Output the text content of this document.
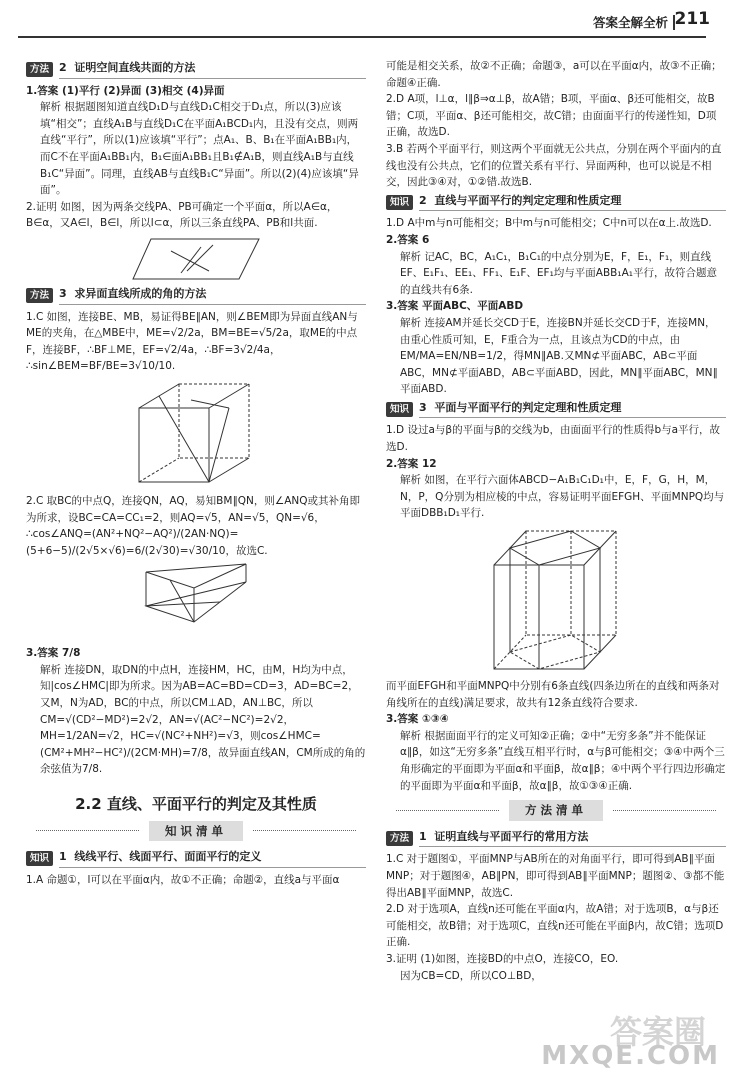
答案全解全析 211
方法 2 证明空间直线共面的方法

1.答案 (1)平行 (2)异面 (3)相交 (4)异面

解析 根据题图知道直线D₁D与直线D₁C相交于D₁点，所以(3)应该填“相交”；直线A₁B与直线D₁C在平面A₁BCD₁内，且没有交点，则两直线“平行”，所以(1)应该填“平行”；点A₁、B、B₁在平面A₁BB₁内，而C不在平面A₁BB₁内，B₁∈面A₁BB₁且B₁∉A₁B，则直线A₁B与直线B₁C“异面”。同理，直线AB与直线B₁C“异面”。所以(2)(4)应该填“异面”。

2.证明 如图，因为两条交线PA、PB可确定一个平面α，所以A∈α，B∈α，又A∈l，B∈l，所以l⊂α，所以三条直线PA、PB和l共面.

方法 3 求异面直线所成的角的方法

1.C 如图，连接BE、MB，易证得BE∥AN，则∠BEM即为异面直线AN与ME的夹角，在△MBE中，ME=√2/2a，BM=BE=√5/2a，取ME的中点F，连接BF，∴BF⊥ME，EF=√2/4a，∴BF=3√2/4a，∴sin∠BEM=BF/BE=3√10/10.

2.C 取BC的中点Q，连接QN，AQ，易知BM∥QN，则∠ANQ或其补角即为所求，设BC=CA=CC₁=2，则AQ=√5，AN=√5，QN=√6，∴cos∠ANQ=(AN²+NQ²−AQ²)/(2AN·NQ)=(5+6−5)/(2√5×√6)=6/(2√30)=√30/10，故选C.

3.答案 7/8

解析 连接DN，取DN的中点H，连接HM，HC，由M，H均为中点，知|cos∠HMC|即为所求。因为AB=AC=BD=CD=3，AD=BC=2，又M，N为AD，BC的中点，所以CM⊥AD，AN⊥BC，所以CM=√(CD²−MD²)=2√2，AN=√(AC²−NC²)=2√2，MH=1/2AN=√2，HC=√(NC²+NH²)=√3，则cos∠HMC=(CM²+MH²−HC²)/(2CM·MH)=7/8，故异面直线AN，CM所成的角的余弦值为7/8.

2.2 直线、平面平行的判定及其性质
知识清单
知识 1 线线平行、线面平行、面面平行的定义

1.A 命题①，l可以在平面α内，故①不正确；命题②，直线a与平面α

可能是相交关系，故②不正确；命题③，a可以在平面α内，故③不正确；命题④正确.

2.D A项，l⊥α，l∥β⇒α⊥β，故A错；B项，平面α、β还可能相交，故B错；C项，平面α、β还可能相交，故C错；由面面平行的传递性知，D项正确，故选D.

3.B 若两个平面平行，则这两个平面就无公共点，分别在两个平面内的直线也没有公共点，它们的位置关系有平行、异面两种，也可以说是不相交，因此③④对，①②错.故选B.

知识 2 直线与平面平行的判定定理和性质定理

1.D A中m与n可能相交；B中m与n可能相交；C中n可以在α上.故选D.

2.答案 6

解析 记AC，BC，A₁C₁，B₁C₁的中点分别为E，F，E₁，F₁，则直线EF、E₁F₁、EE₁、FF₁、E₁F、EF₁均与平面ABB₁A₁平行，故符合题意的直线共有6条.

3.答案 平面ABC、平面ABD

解析 连接AM并延长交CD于E，连接BN并延长交CD于F，连接MN，由重心性质可知，E，F重合为一点，且该点为CD的中点，由EM/MA=EN/NB=1/2，得MN∥AB.又MN⊄平面ABC，AB⊂平面ABC，MN⊄平面ABD，AB⊂平面ABD，因此，MN∥平面ABC，MN∥平面ABD.

知识 3 平面与平面平行的判定定理和性质定理

1.D 设过a与β的平面与β的交线为b，由面面平行的性质得b与a平行，故选D.

2.答案 12

解析 如图，在平行六面体ABCD−A₁B₁C₁D₁中，E，F，G，H，M，N，P，Q分别为相应棱的中点，容易证明平面EFGH、平面MNPQ均与平面DBB₁D₁平行.

而平面EFGH和平面MNPQ中分别有6条直线(四条边所在的直线和两条对角线所在的直线)满足要求，故共有12条直线符合要求.

3.答案 ①③④

解析 根据面面平行的定义可知②正确；②中“无穷多条”并不能保证α∥β，如这“无穷多条”直线互相平行时，α与β可能相交；③④中两个三角形确定的平面即为平面α和平面β，故α∥β；④中两个平行四边形确定的平面即为平面α和平面β，故α∥β，故①③④正确.

方法清单
方法 1 证明直线与平面平行的常用方法

1.C 对于题图①，平面MNP与AB所在的对角面平行，即可得到AB∥平面MNP；对于题图④，AB∥PN，即可得到AB∥平面MNP；题图②、③都不能得出AB∥平面MNP，故选C.

2.D 对于选项A，直线n还可能在平面α内，故A错；对于选项B，α与β还可能相交，故B错；对于选项C，直线n还可能在平面β内，故C错；选项D正确.

3.证明 (1)如图，连接BD的中点O，连接CO，EO.

因为CB=CD，所以CO⊥BD，

答案圈
MXQE.COM
